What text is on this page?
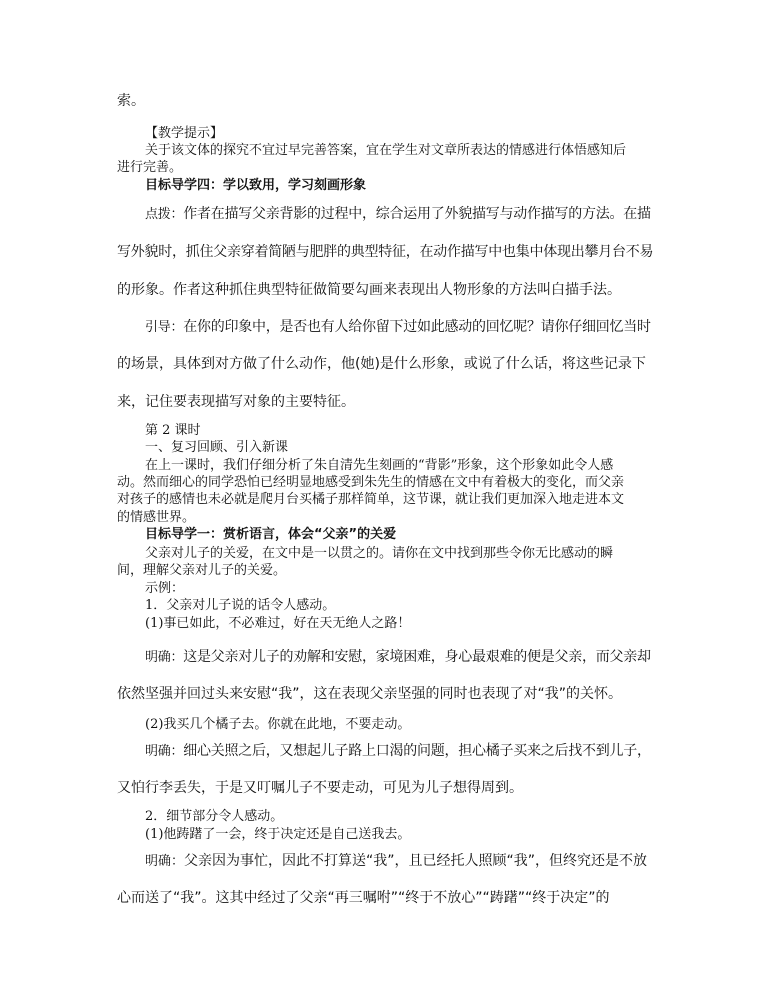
索。
【教学提示】
关于该文体的探究不宜过早完善答案，宜在学生对文章所表达的情感进行体悟感知后
进行完善。
目标导学四：学以致用，学习刻画形象
点拨：作者在描写父亲背影的过程中，综合运用了外貌描写与动作描写的方法。在描
写外貌时，抓住父亲穿着简陋与肥胖的典型特征，在动作描写中也集中体现出攀月台不易
的形象。作者这种抓住典型特征做简要勾画来表现出人物形象的方法叫白描手法。
引导：在你的印象中，是否也有人给你留下过如此感动的回忆呢？请你仔细回忆当时
的场景，具体到对方做了什么动作，他(她)是什么形象，或说了什么话，将这些记录下
来，记住要表现描写对象的主要特征。
第 2 课时
一、复习回顾、引入新课
在上一课时，我们仔细分析了朱自清先生刻画的“背影”形象，这个形象如此令人感
动。然而细心的同学恐怕已经明显地感受到朱先生的情感在文中有着极大的变化，而父亲
对孩子的感情也未必就是爬月台买橘子那样简单，这节课，就让我们更加深入地走进本文
的情感世界。
目标导学一：赏析语言，体会“父亲”的关爱
父亲对儿子的关爱，在文中是一以贯之的。请你在文中找到那些令你无比感动的瞬
间，理解父亲对儿子的关爱。
示例：
1．父亲对儿子说的话令人感动。
(1)事已如此，不必难过，好在天无绝人之路！
明确：这是父亲对儿子的劝解和安慰，家境困难，身心最艰难的便是父亲，而父亲却
依然坚强并回过头来安慰“我”，这在表现父亲坚强的同时也表现了对“我”的关怀。
(2)我买几个橘子去。你就在此地，不要走动。
明确：细心关照之后，又想起儿子路上口渴的问题，担心橘子买来之后找不到儿子，
又怕行李丢失，于是又叮嘱儿子不要走动，可见为儿子想得周到。
2．细节部分令人感动。
(1)他踌躇了一会，终于决定还是自己送我去。
明确：父亲因为事忙，因此不打算送“我”，且已经托人照顾“我”，但终究还是不放
心而送了“我”。这其中经过了父亲“再三嘱咐”“终于不放心”“踌躇”“终于决定”的
